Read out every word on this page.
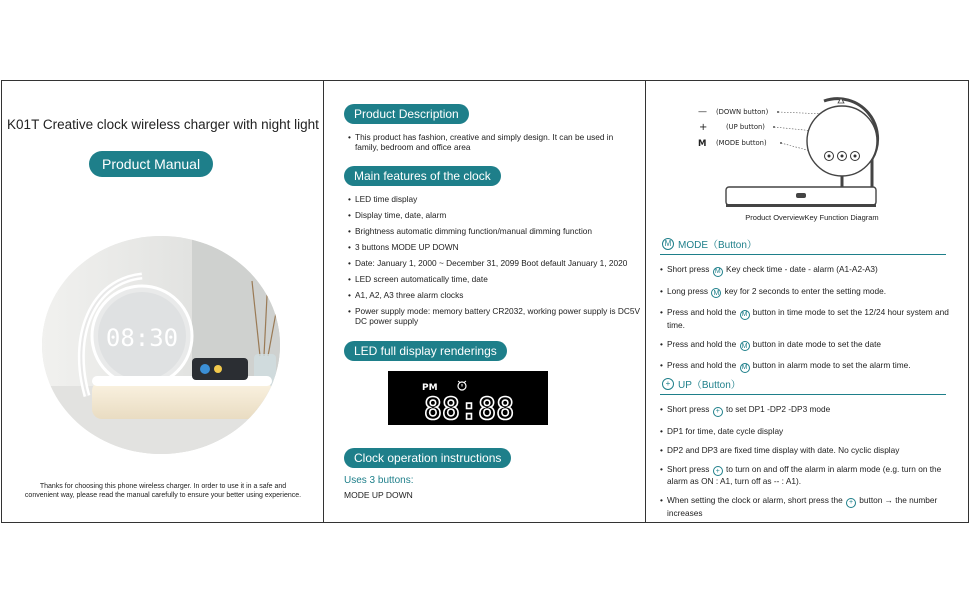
K01T Creative clock wireless charger with night light
Product Manual
08:30
Thanks for choosing this phone wireless charger. In order to use it in a safe and
convenient way, please read the manual carefully to ensure your better using experience.
Product Description
• This product has fashion, creative and simply design. It can be used in family, bedroom and office area
Main features of the clock
• LED time display
• Display time, date, alarm
• Brightness automatic dimming function/manual dimming function
• 3 buttons MODE UP DOWN
• Date: January 1, 2000 ~ December 31, 2099 Boot default January 1, 2020
• LED screen automatically time, date
• A1, A2, A3 three alarm clocks
• Power supply mode: memory battery CR2032, working power supply is DC5V DC power supply
LED full display renderings
PM
88:88
Clock operation instructions
Uses 3 buttons:
MODE UP DOWN
— (DOWN button)
+	(UP button)
M (MODE button)
Product OverviewKey Function Diagram
M MODE（Button）
• Short press M Key check time - date - alarm (A1-A2-A3)
• Long press M key for 2 seconds to enter the setting mode.
• Press and hold the M button in time mode to set the 12/24 hour system and time.
• Press and hold the M button in date mode to set the date
• Press and hold the M button in alarm mode to set the alarm time.
+ UP（Button）
• Short press + to set DP1 -DP2 -DP3 mode
• DP1 for time, date cycle display
• DP2 and DP3 are fixed time display with date. No cyclic display
• Short press + to turn on and off the alarm in alarm mode (e.g. turn on the alarm as ON : A1, turn off as -- : A1).
• When setting the clock or alarm, short press the + button → the number increases
